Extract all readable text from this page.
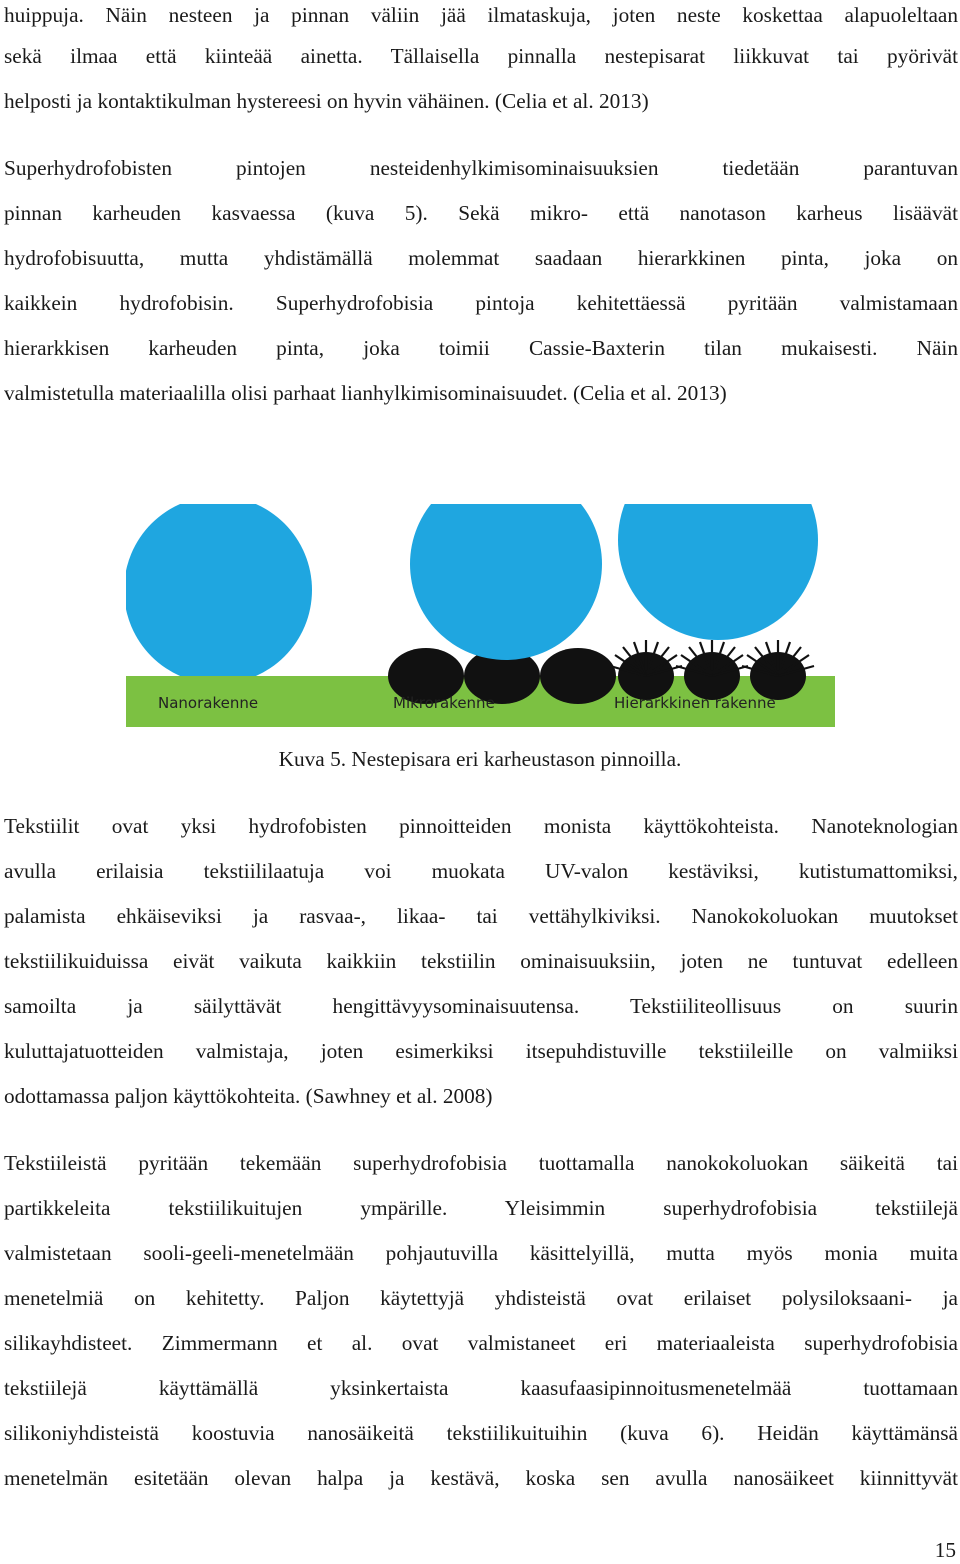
huippuja. Näin nesteen ja pinnan väliin jää ilmataskuja, joten neste koskettaa alapuoleltaan
sekä ilmaa että kiinteää ainetta. Tällaisella pinnalla nestepisarat liikkuvat tai pyörivät
helposti ja kontaktikulman hystereesi on hyvin vähäinen. (Celia et al. 2013)
Superhydrofobisten pintojen nesteidenhylkimisominaisuuksien tiedetään parantuvan
pinnan karheuden kasvaessa (kuva 5). Sekä mikro- että nanotason karheus lisäävät
hydrofobisuutta, mutta yhdistämällä molemmat saadaan hierarkkinen pinta, joka on
kaikkein hydrofobisin. Superhydrofobisia pintoja kehitettäessä pyritään valmistamaan
hierarkkisen karheuden pinta, joka toimii Cassie-Baxterin tilan mukaisesti. Näin
valmistetulla materiaalilla olisi parhaat lianhylkimisominaisuudet. (Celia et al. 2013)
Nanorakenne	Mikrorakenne	Hierarkkinen rakenne
Kuva 5. Nestepisara eri karheustason pinnoilla.
Tekstiilit ovat yksi hydrofobisten pinnoitteiden monista käyttökohteista. Nanoteknologian
avulla erilaisia tekstiililaatuja voi muokata UV-valon kestäviksi, kutistumattomiksi,
palamista ehkäiseviksi ja rasvaa-, likaa- tai vettähylkiviksi. Nanokokoluokan muutokset
tekstiilikuiduissa eivät vaikuta kaikkiin tekstiilin ominaisuuksiin, joten ne tuntuvat edelleen
samoilta ja säilyttävät hengittävyysominaisuutensa. Tekstiiliteollisuus on suurin
kuluttajatuotteiden valmistaja, joten esimerkiksi itsepuhdistuville tekstiileille on valmiiksi
odottamassa paljon käyttökohteita. (Sawhney et al. 2008)
Tekstiileistä pyritään tekemään superhydrofobisia tuottamalla nanokokoluokan säikeitä tai
partikkeleita tekstiilikuitujen ympärille. Yleisimmin superhydrofobisia tekstiilejä
valmistetaan sooli-geeli-menetelmään pohjautuvilla käsittelyillä, mutta myös monia muita
menetelmiä on kehitetty. Paljon käytettyjä yhdisteistä ovat erilaiset polysiloksaani- ja
silikayhdisteet. Zimmermann et al. ovat valmistaneet eri materiaaleista superhydrofobisia
tekstiilejä käyttämällä yksinkertaista kaasufaasipinnoitusmenetelmää tuottamaan
silikoniyhdisteistä koostuvia nanosäikeitä tekstiilikuituihin (kuva 6). Heidän käyttämänsä
menetelmän esitetään olevan halpa ja kestävä, koska sen avulla nanosäikeet kiinnittyvät
15
